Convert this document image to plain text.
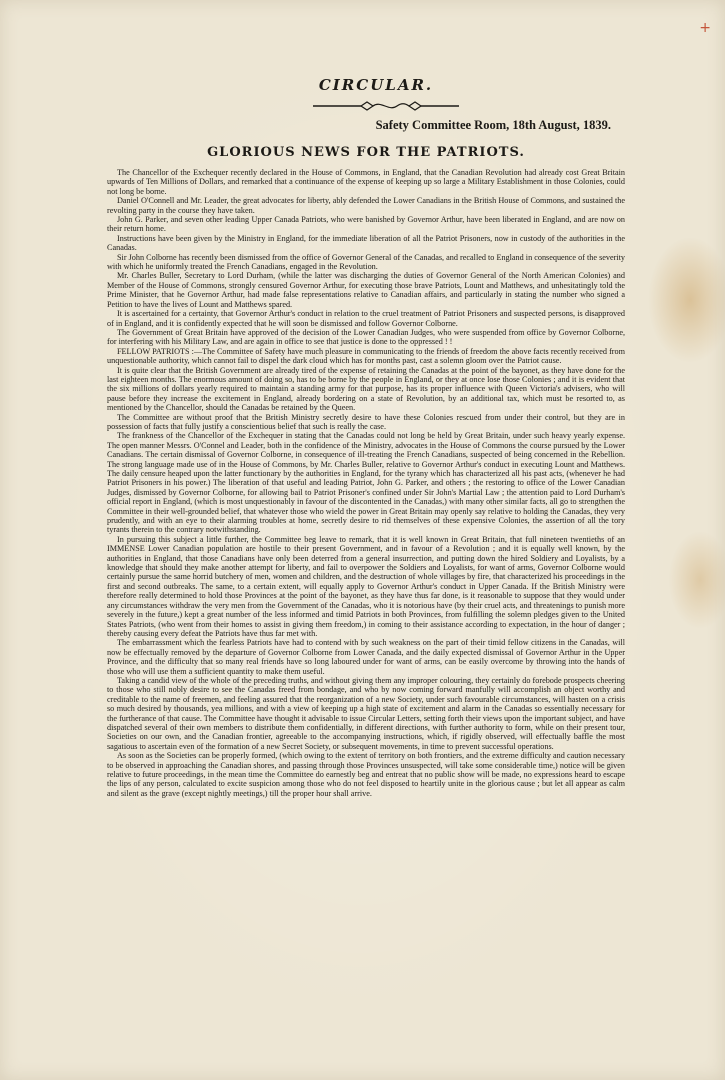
+
CIRCULAR.
Safety Committee Room, 18th August, 1839.
GLORIOUS NEWS FOR THE PATRIOTS.

The Chancellor of the Exchequer recently declared in the House of Commons, in England, that the Canadian Revolution had already cost Great Britain upwards of Ten Millions of Dollars, and remarked that a continuance of the expense of keeping up so large a Military Establishment in those Colonies, could not long be borne.

Daniel O'Connell and Mr. Leader, the great advocates for liberty, ably defended the Lower Canadians in the British House of Commons, and sustained the revolting party in the course they have taken.

John G. Parker, and seven other leading Upper Canada Patriots, who were banished by Governor Arthur, have been liberated in England, and are now on their return home.

Instructions have been given by the Ministry in England, for the immediate liberation of all the Patriot Prisoners, now in custody of the authorities in the Canadas.

Sir John Colborne has recently been dismissed from the office of Governor General of the Canadas, and recalled to England in consequence of the severity with which he uniformly treated the French Canadians, engaged in the Revolution.

Mr. Charles Buller, Secretary to Lord Durham, (while the latter was discharging the duties of Governor General of the North American Colonies) and Member of the House of Commons, strongly censured Governor Arthur, for executing those brave Patriots, Lount and Matthews, and unhesitatingly told the Prime Minister, that he Governor Arthur, had made false representations relative to Canadian affairs, and particularly in stating the number who signed a Petition to have the lives of Lount and Matthews spared.

It is ascertained for a certainty, that Governor Arthur's conduct in relation to the cruel treatment of Patriot Prisoners and suspected persons, is disapproved of in England, and it is confidently expected that he will soon be dismissed and follow Governor Colborne.

The Government of Great Britain have approved of the decision of the Lower Canadian Judges, who were suspended from office by Governor Colborne, for interfering with his Military Law, and are again in office to see that justice is done to the oppressed ! !

FELLOW PATRIOTS :—The Committee of Safety have much pleasure in communicating to the friends of freedom the above facts recently received from unquestionable authority, which cannot fail to dispel the dark cloud which has for months past, cast a solemn gloom over the Patriot cause.

It is quite clear that the British Government are already tired of the expense of retaining the Canadas at the point of the bayonet, as they have done for the last eighteen months. The enormous amount of doing so, has to be borne by the people in England, or they at once lose those Colonies ; and it is evident that the six millions of dollars yearly required to maintain a standing army for that purpose, has its proper influence with Queen Victoria's advisers, who will pause before they increase the excitement in England, already bordering on a state of Revolution, by an additional tax, which must be resorted to, as mentioned by the Chancellor, should the Canadas be retained by the Queen.

The Committee are without proof that the British Ministry secretly desire to have these Colonies rescued from under their control, but they are in possession of facts that fully justify a conscientious belief that such is really the case.

The frankness of the Chancellor of the Exchequer in stating that the Canadas could not long be held by Great Britain, under such heavy yearly expense. The open manner Messrs. O'Connel and Leader, both in the confidence of the Ministry, advocates in the House of Commons the course pursued by the Lower Canadians. The certain dismissal of Governor Colborne, in consequence of ill-treating the French Canadians, suspected of being concerned in the Rebellion. The strong language made use of in the House of Commons, by Mr. Charles Buller, relative to Governor Arthur's conduct in executing Lount and Matthews. The daily censure heaped upon the latter functionary by the authorities in England, for the tyrany which has characterized all his past acts, (whenever he had Patriot Prisoners in his power.) The liberation of that useful and leading Patriot, John G. Parker, and others ; the restoring to office of the Lower Canadian Judges, dismissed by Governor Colborne, for allowing bail to Patriot Prisoner's confined under Sir John's Martial Law ; the attention paid to Lord Durham's official report in England, (which is most unquestionably in favour of the discontented in the Canadas,) with many other similar facts, all go to strengthen the Committee in their well-grounded belief, that whatever those who wield the power in Great Britain may openly say relative to holding the Canadas, they very prudently, and with an eye to their alarming troubles at home, secretly desire to rid themselves of these expensive Colonies, the assertion of all the tory tyrants therein to the contrary notwithstanding.

In pursuing this subject a little further, the Committee beg leave to remark, that it is well known in Great Britain, that full nineteen twentieths of an IMMENSE Lower Canadian population are hostile to their present Government, and in favour of a Revolution ; and it is equally well known, by the authorities in England, that those Canadians have only been deterred from a general insurrection, and putting down the hired Soldiery and Loyalists, by a knowledge that should they make another attempt for liberty, and fail to overpower the Soldiers and Loyalists, for want of arms, Governor Colborne would certainly pursue the same horrid butchery of men, women and children, and the destruction of whole villages by fire, that characterized his proceedings in the first and second outbreaks. The same, to a certain extent, will equally apply to Governor Arthur's conduct in Upper Canada. If the British Ministry were therefore really determined to hold those Provinces at the point of the bayonet, as they have thus far done, is it reasonable to suppose that they would under any circumstances withdraw the very men from the Government of the Canadas, who it is notorious have (by their cruel acts, and threatenings to punish more severely in the future,) kept a great number of the less informed and timid Patriots in both Provinces, from fulfilling the solemn pledges given to the United States Patriots, (who went from their homes to assist in giving them freedom,) in coming to their assistance according to expectation, in the hour of danger ; thereby causing every defeat the Patriots have thus far met with.

The embarrassment which the fearless Patriots have had to contend with by such weakness on the part of their timid fellow citizens in the Canadas, will now be effectually removed by the departure of Governor Colborne from Lower Canada, and the daily expected dismissal of Governor Arthur in the Upper Province, and the difficulty that so many real friends have so long laboured under for want of arms, can be easily overcome by throwing into the hands of those who will use them a sufficient quantity to make them useful.

Taking a candid view of the whole of the preceding truths, and without giving them any improper colouring, they certainly do forebode prospects cheering to those who still nobly desire to see the Canadas freed from bondage, and who by now coming forward manfully will accomplish an object worthy and creditable to the name of freemen, and feeling assured that the reorganization of a new Society, under such favourable circumstances, will hasten on a crisis so much desired by thousands, yea millions, and with a view of keeping up a high state of excitement and alarm in the Canadas so essentially necessary for the furtherance of that cause. The Committee have thought it advisable to issue Circular Letters, setting forth their views upon the important subject, and have dispatched several of their own members to distribute them confidentially, in different directions, with further authority to form, while on their present tour, Societies on our own, and the Canadian frontier, agreeable to the accompanying instructions, which, if rigidly observed, will effectually baffle the most sagatious to ascertain even of the formation of a new Secret Society, or subsequent movements, in time to prevent successful operations.

As soon as the Societies can be properly formed, (which owing to the extent of territory on both frontiers, and the extreme difficulty and caution necessary to be observed in approaching the Canadian shores, and passing through those Provinces unsuspected, will take some considerable time,) notice will be given relative to future proceedings, in the mean time the Committee do earnestly beg and entreat that no public show will be made, no expressions heard to escape the lips of any person, calculated to excite suspicion among those who do not feel disposed to heartily unite in the glorious cause ; but let all appear as calm and silent as the grave (except nightly meetings,) till the proper hour shall arrive.
